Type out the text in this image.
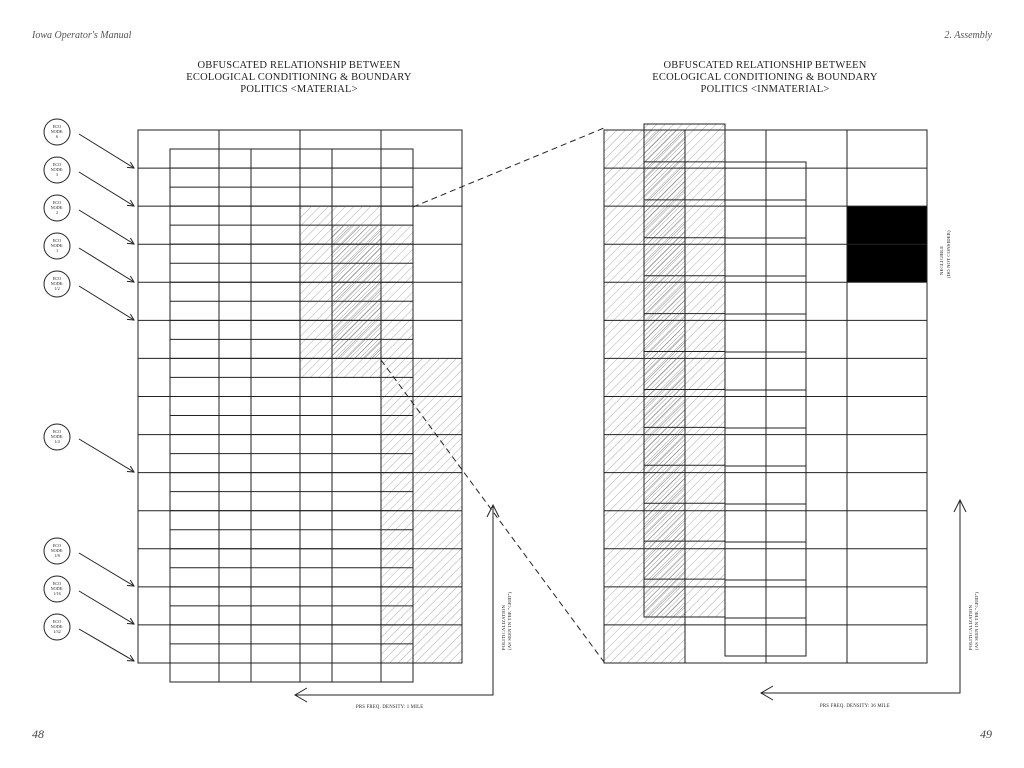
Iowa Operator's Manual	2. Assembly
OBFUSCATED RELATIONSHIP BETWEEN
ECOLOGICAL CONDITIONING & BOUNDARY
POLITICS <MATERIAL>
OBFUSCATED RELATIONSHIP BETWEEN
ECOLOGICAL CONDITIONING & BOUNDARY
POLITICS <INMATERIAL>
ECO
NODE:
6
ECO
NODE:
3
ECO
NODE:
2
ECO
NODE:
1
ECO
NODE:
1/2
ECO
NODE:
1/4
ECO
NODE:
1/8
ECO
NODE:
1/16
ECO
NODE:
1/32
PRS FREQ. DENSITY: 1 MILE
POLITICALIZATION (AS SEEN IN THE "GRID")
PRS FREQ. DENSITY: 36 MILE
POLITICALIZATION (AS SEEN IN THE "GRID")
NEGLIGIBLE (DO NOT CONSIDER)
48	49
